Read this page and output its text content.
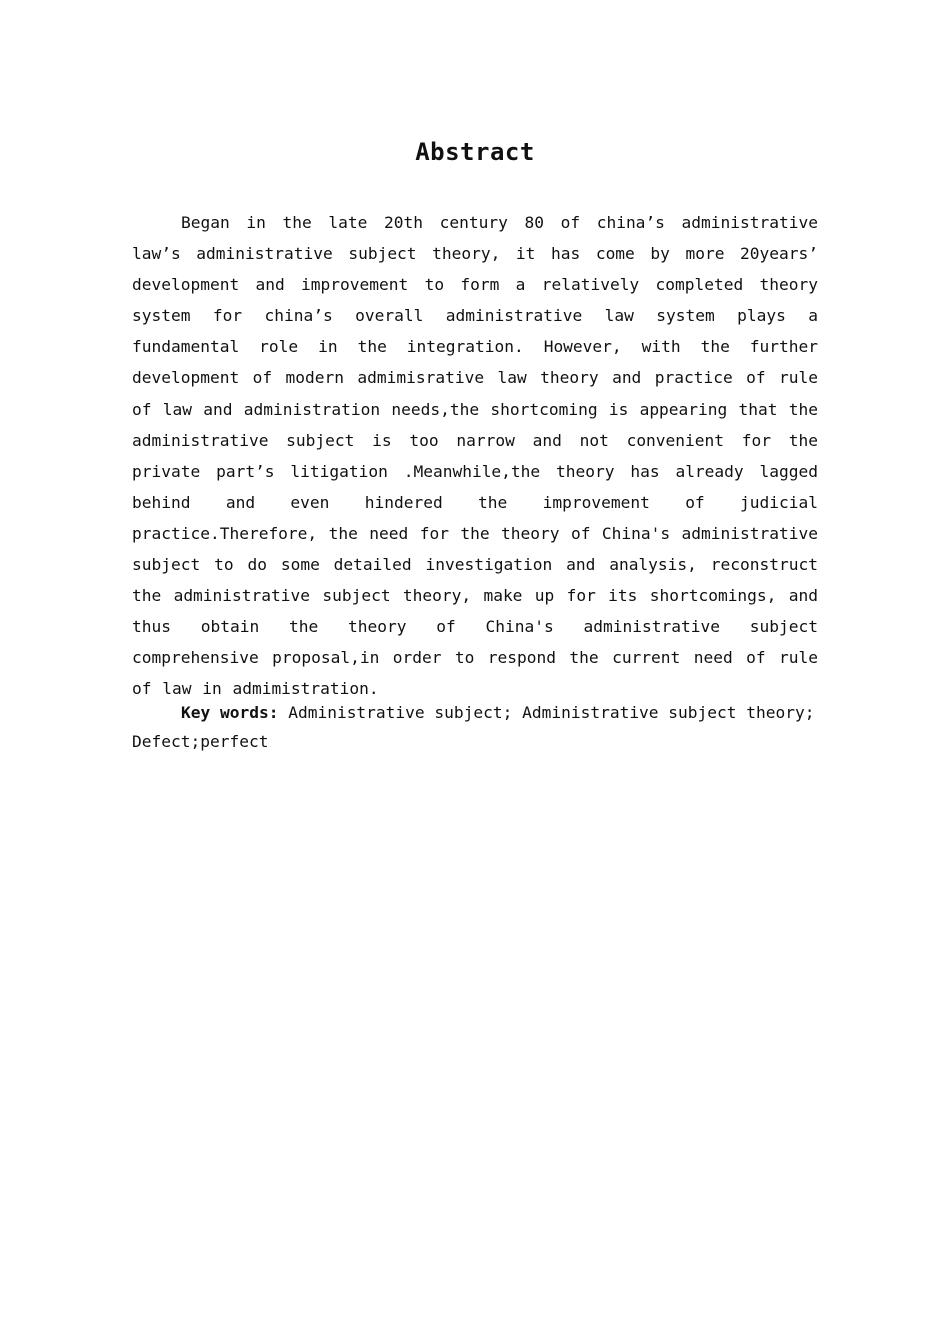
Abstract
Began in the late 20th century 80 of china’s administrative law’s administrative subject theory, it has come by more 20years’ development and improvement to form a relatively completed theory system for china’s overall administrative law system plays a fundamental role in the integration. However, with the further development of modern admimisrative law theory and practice of rule of law and administration needs,the shortcoming is appearing that the administrative subject is too narrow and not convenient for the private part’s litigation .Meanwhile,the theory has already lagged behind and even hindered the improvement of judicial practice.Therefore, the need for the theory of China's administrative subject to do some detailed investigation and analysis, reconstruct the administrative subject theory, make up for its shortcomings, and thus obtain the theory of China's administrative subject comprehensive proposal,in order to respond the current need of rule of law in admimistration.
Key words: Administrative subject; Administrative subject theory; Defect;perfect
